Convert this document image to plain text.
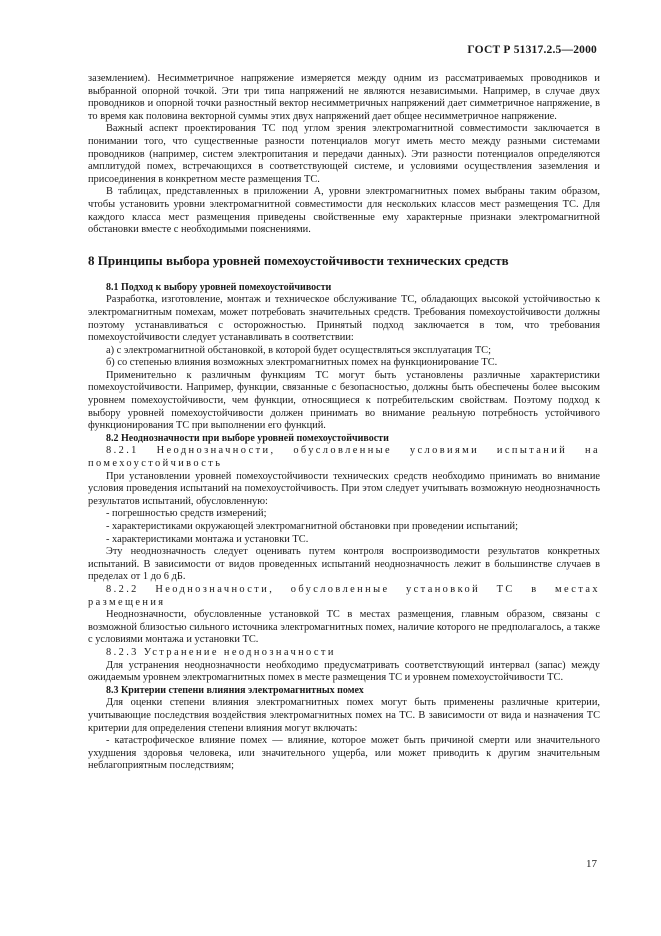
ГОСТ Р 51317.2.5—2000

заземлением). Несимметричное напряжение измеряется между одним из рассматриваемых проводников и выбранной опорной точкой. Эти три типа напряжений не являются независимыми. Например, в случае двух проводников и опорной точки разностный вектор несимметричных напряжений дает симметричное напряжение, в то время как половина векторной суммы этих двух напряжений дает общее несимметричное напряжение.

Важный аспект проектирования ТС под углом зрения электромагнитной совместимости заключается в понимании того, что существенные разности потенциалов могут иметь место между разными системами проводников (например, систем электропитания и передачи данных). Эти разности потенциалов определяются амплитудой помех, встречающихся в соответствующей системе, и условиями осуществления заземления и присоединения в конкретном месте размещения ТС.

В таблицах, представленных в приложении А, уровни электромагнитных помех выбраны таким образом, чтобы установить уровни электромагнитной совместимости для нескольких классов мест размещения ТС. Для каждого класса мест размещения приведены свойственные ему характерные признаки электромагнитной обстановки вместе с необходимыми пояснениями.

8 Принципы выбора уровней помехоустойчивости технических средств

8.1 Подход к выбору уровней помехоустойчивости

Разработка, изготовление, монтаж и техническое обслуживание ТС, обладающих высокой устойчивостью к электромагнитным помехам, может потребовать значительных средств. Требования помехоустойчивости должны поэтому устанавливаться с осторожностью. Принятый подход заключается в том, что требования помехоустойчивости следует устанавливать в соответствии:

а) с электромагнитной обстановкой, в которой будет осуществляться эксплуатация ТС;

б) со степенью влияния возможных электромагнитных помех на функционирование ТС.

Применительно к различным функциям ТС могут быть установлены различные характеристики помехоустойчивости. Например, функции, связанные с безопасностью, должны быть обеспечены более высоким уровнем помехоустойчивости, чем функции, относящиеся к потребительским свойствам. Поэтому подход к выбору уровней помехоустойчивости должен принимать во внимание реальную потребность устойчивого функционирования ТС при выполнении его функций.

8.2 Неоднозначности при выборе уровней помехоустойчивости

8.2.1 Неоднозначности, обусловленные условиями испытаний на помехоустойчивость

При установлении уровней помехоустойчивости технических средств необходимо принимать во внимание условия проведения испытаний на помехоустойчивость. При этом следует учитывать возможную неоднозначность результатов испытаний, обусловленную:

- погрешностью средств измерений;

- характеристиками окружающей электромагнитной обстановки при проведении испытаний;

- характеристиками монтажа и установки ТС.

Эту неоднозначность следует оценивать путем контроля воспроизводимости результатов конкретных испытаний. В зависимости от видов проведенных испытаний неоднозначность лежит в большинстве случаев в пределах от 1 до 6 дБ.

8.2.2 Неоднозначности, обусловленные установкой ТС в местах размещения

Неоднозначности, обусловленные установкой ТС в местах размещения, главным образом, связаны с возможной близостью сильного источника электромагнитных помех, наличие которого не предполагалось, а также с условиями монтажа и установки ТС.

8.2.3 Устранение неоднозначности

Для устранения неоднозначности необходимо предусматривать соответствующий интервал (запас) между ожидаемым уровнем электромагнитных помех в месте размещения ТС и уровнем помехоустойчивости ТС.

8.3 Критерии степени влияния электромагнитных помех

Для оценки степени влияния электромагнитных помех могут быть применены различные критерии, учитывающие последствия воздействия электромагнитных помех на ТС. В зависимости от вида и назначения ТС критерии для определения степени влияния могут включать:

- катастрофическое влияние помех — влияние, которое может быть причиной смерти или значительного ухудшения здоровья человека, или значительного ущерба, или может приводить к другим значительным неблагоприятным последствиям;

17
